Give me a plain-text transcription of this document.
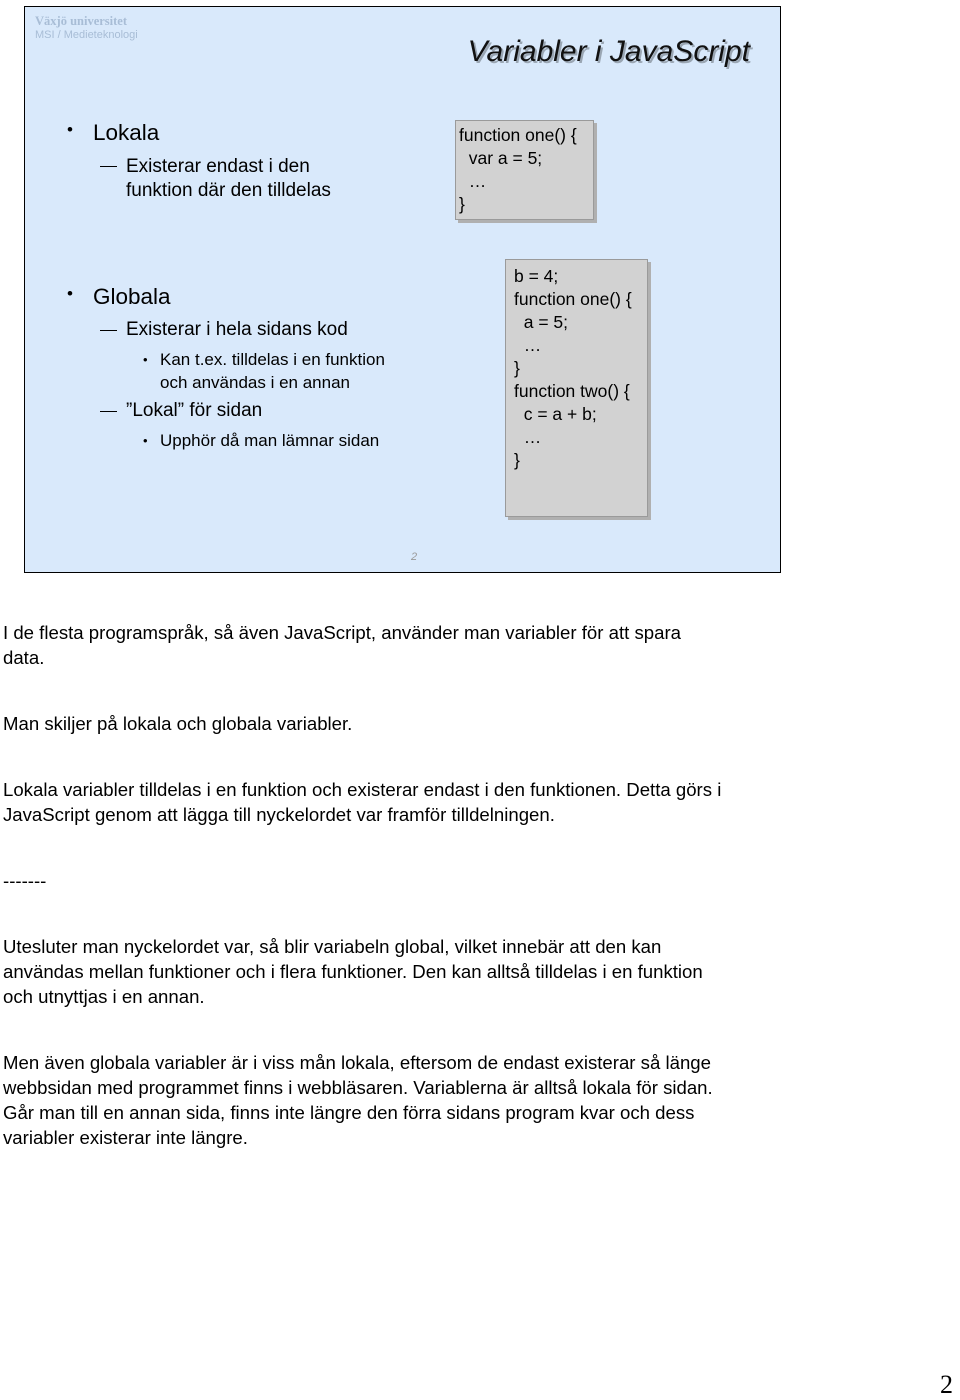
Växjö universitet
MSI / Medieteknologi	Variabler i JavaScript
• Lokala
Existerar endast i den
funktion där den tilldelas
function one() {
var a = 5;
…
}
• Globala
Existerar i hela sidans kod
• Kan t.ex. tilldelas i en funktion
och användas i en annan
”Lokal” för sidan
• Upphör då man lämnar sidan
b = 4;
function one() {
a = 5;
…
}
function two() {
c = a + b;
…
}
2
I de flesta programspråk, så även JavaScript, använder man variabler för att spara
data.
Man skiljer på lokala och globala variabler.
Lokala variabler tilldelas i en funktion och existerar endast i den funktionen. Detta görs i
JavaScript genom att lägga till nyckelordet var framför tilldelningen.
-------
Utesluter man nyckelordet var, så blir variabeln global, vilket innebär att den kan
användas mellan funktioner och i flera funktioner. Den kan alltså tilldelas i en funktion
och utnyttjas i en annan.
Men även globala variabler är i viss mån lokala, eftersom de endast existerar så länge
webbsidan med programmet finns i webbläsaren. Variablerna är alltså lokala för sidan.
Går man till en annan sida, finns inte längre den förra sidans program kvar och dess
variabler existerar inte längre.
2
